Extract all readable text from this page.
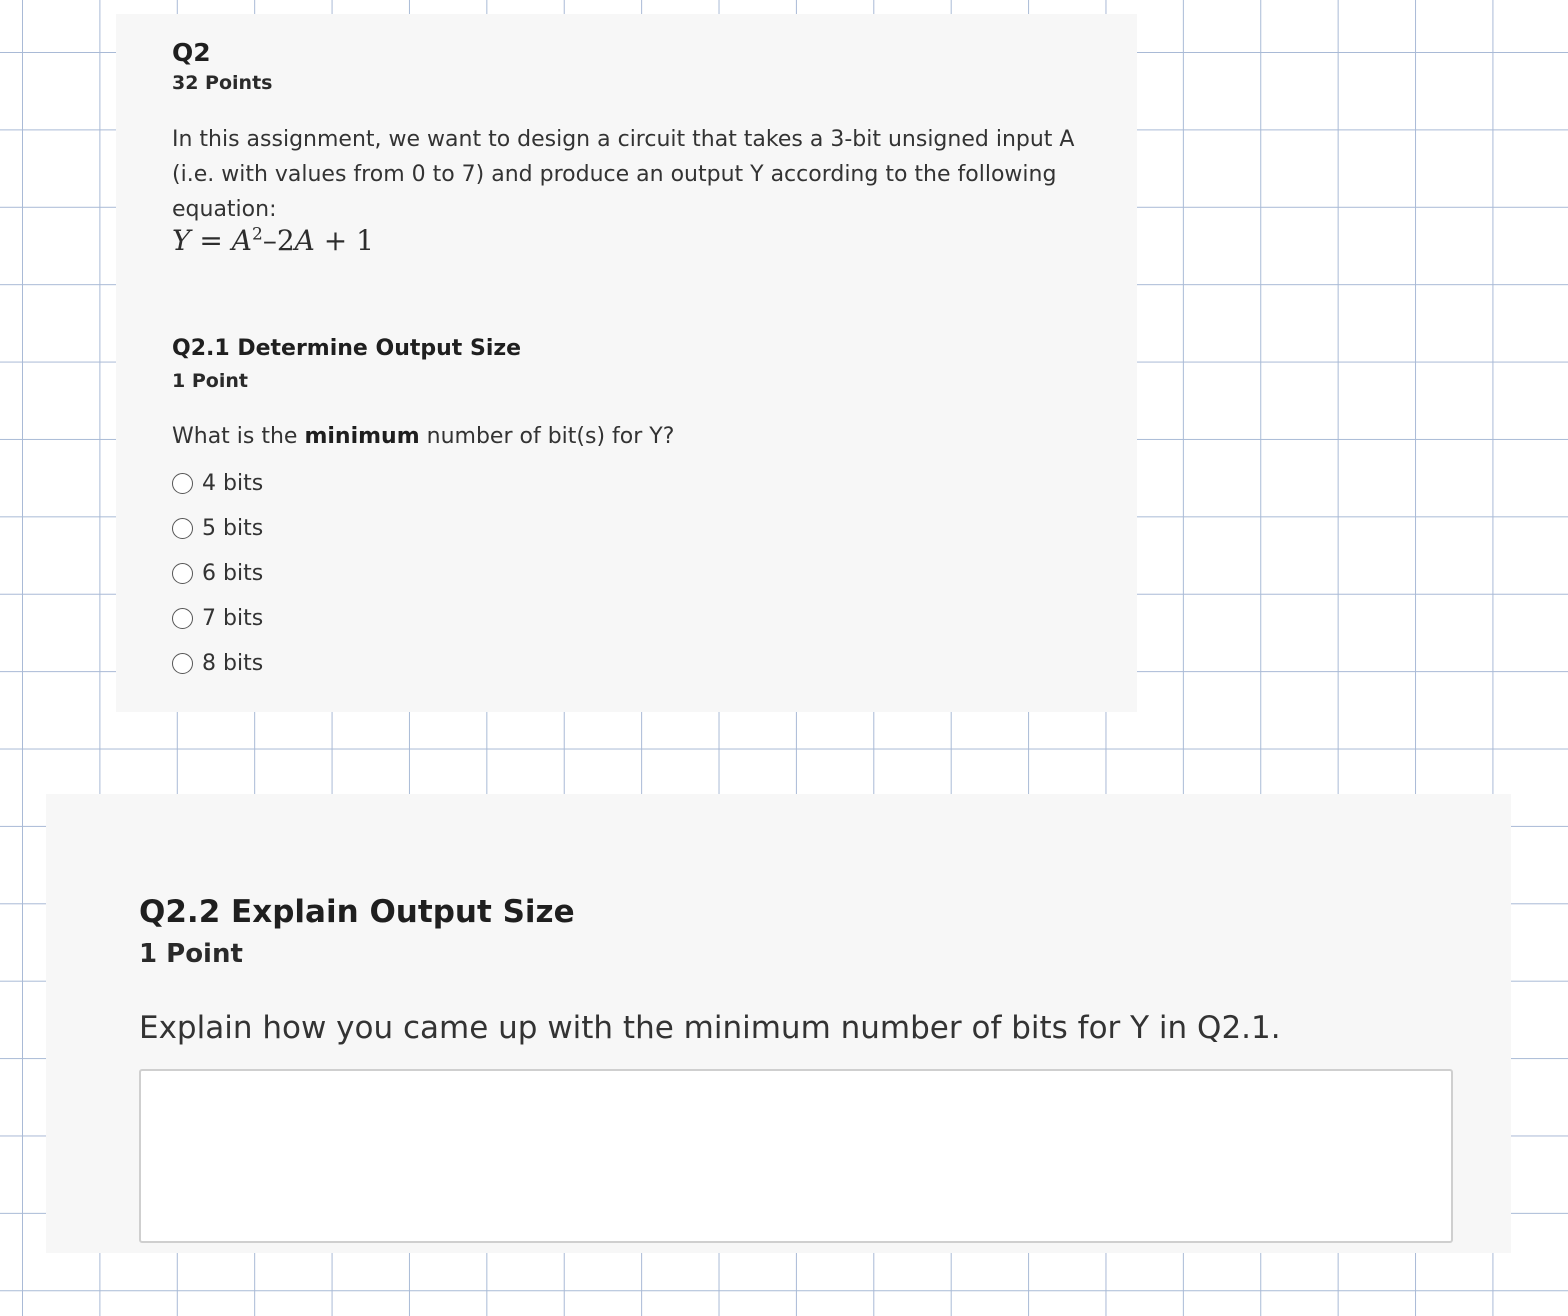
Q2
32 Points
In this assignment, we want to design a circuit that takes a 3-bit unsigned input A (i.e. with values from 0 to 7) and produce an output Y according to the following equation:
$Y = A^2-2A + 1$
Q2.1 Determine Output Size
1 Point
What is the minimum number of bit(s) for Y?
4 bits
5 bits
6 bits
7 bits
8 bits
Q2.2 Explain Output Size
1 Point
Explain how you came up with the minimum number of bits for Y in Q2.1.
